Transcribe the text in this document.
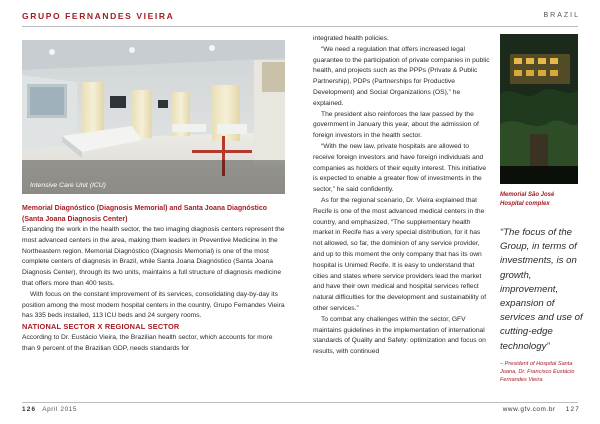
GRUPO FERNANDES VIEIRA	BRAZIL
Intensive Care Unit (ICU)

Memorial Diagnóstico (Diagnosis Memorial) and Santa Joana Diagnóstico (Santa Joana Diagnosis Center)

Expanding the work in the health sector, the two imaging diagnosis centers represent the most advanced centers in the area, making them leaders in Preventive Medicine in the Northeastern region. Memorial Diagnóstico (Diagnosis Memorial) is one of the most complete centers of diagnosis in Brazil, while Santa Joana Diagnóstico (Santa Joana Diagnosis Center), through its two units, maintains a full structure of diagnosis medicine that offers more than 400 tests.

With focus on the constant improvement of its services, consolidating day-by-day its position among the most modern hospital centers in the country, Grupo Fernandes Vieira has 335 beds installed, 113 ICU beds and 24 surgery rooms.

NATIONAL SECTOR X REGIONAL SECTOR

According to Dr. Eustácio Vieira, the Brazilian health sector, which accounts for more than 9 percent of the Brazilian GDP, needs standards for

integrated health policies.

“We need a regulation that offers increased legal guarantee to the participation of private companies in public health, and projects such as the PPPs (Private & Public Partnership), PDPs (Partnerships for Productive Development) and Social Organizations (OS),” he explained.

The president also reinforces the law passed by the government in January this year, about the admission of foreign investors in the health sector.

“With the new law, private hospitals are allowed to receive foreign investors and have foreign individuals and companies as holders of their equity interest. This initiative is expected to enable a greater flow of investments in the sector,” he said confidently.

As for the regional scenario, Dr. Vieira explained that Recife is one of the most advanced medical centers in the country, and emphasized, “The supplementary health market in Recife has a very special distribution, for it has not allowed, so far, the dominion of any service provider, and up to this moment the only company that has its own hospital is Unimed Recife. It is easy to understand that cities and states where service providers lead the market and have their own medical and hospital services reflect natural difficulties for the development and sustainability of other services.”

To combat any challenges within the sector, GFV maintains guidelines in the implementation of international standards of Quality and Safety: optimization and focus on results, with continued

Memorial São José
Hospital complex
“The focus of the Group, in terms of investments, is on growth, improvement, expansion of services and use of cutting-edge technology”
– President of Hospital Santa Joana, Dr. Francisco Eustácio Fernandes Vieira
126 April 2015	www.gfv.com.br 127
